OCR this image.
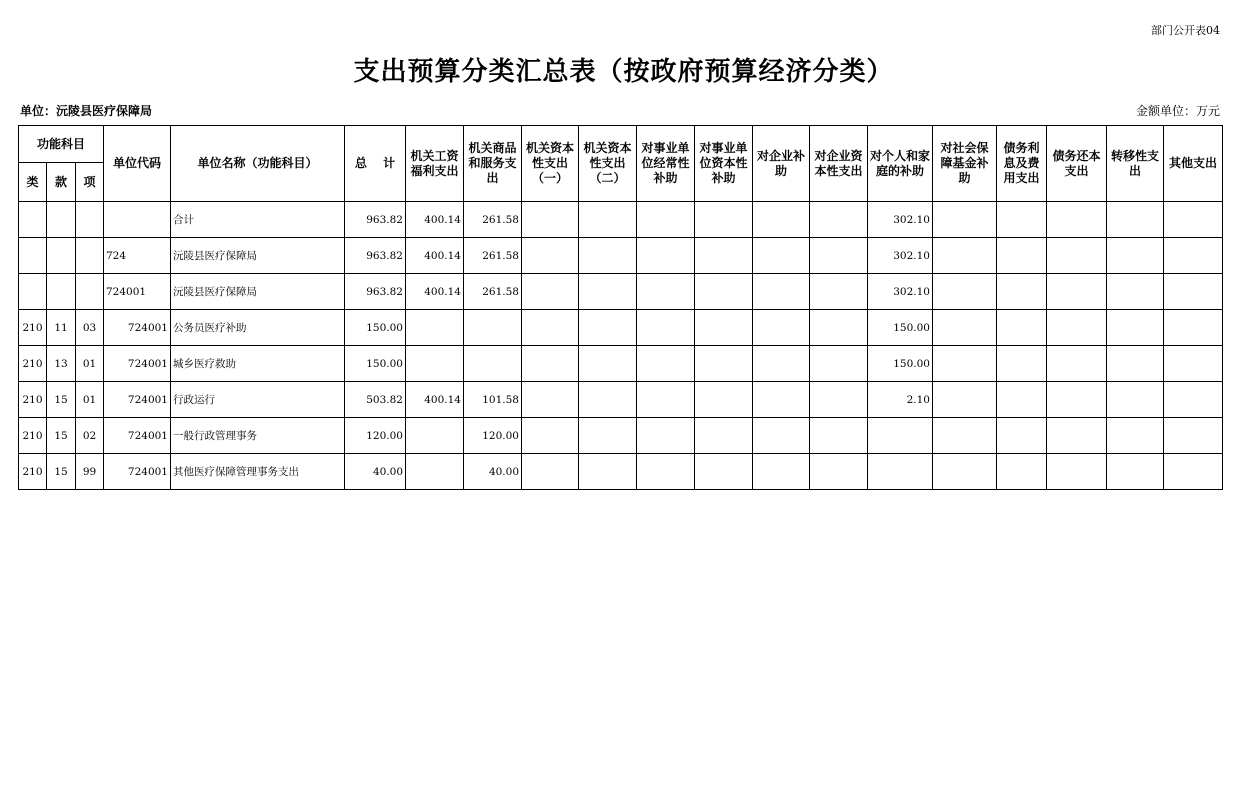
部门公开表04
支出预算分类汇总表（按政府预算经济分类）
单位：沅陵县医疗保障局	金额单位：万元
功能科目			单位代码	单位名称（功能科目）	总　 计	机关工资福利支出	机关商品和服务支出	机关资本性支出（一）	机关资本性支出（二）	对事业单位经常性补助	对事业单位资本性补助	对企业补助	对企业资本性支出	对个人和家庭的补助	对社会保障基金补助	债务利息及费用支出	债务还本支出	转移性支出	其他支出
类	款	项																	
				合计	963.82	400.14	261.58							302.10					
			724	沅陵县医疗保障局	963.82	400.14	261.58							302.10					
			724001	沅陵县医疗保障局	963.82	400.14	261.58							302.10					
210	11	03	724001	公务员医疗补助	150.00									150.00					
210	13	01	724001	城乡医疗救助	150.00									150.00					
210	15	01	724001	行政运行	503.82	400.14	101.58							2.10					
210	15	02	724001	一般行政管理事务	120.00		120.00												
210	15	99	724001	其他医疗保障管理事务支出	40.00		40.00												
